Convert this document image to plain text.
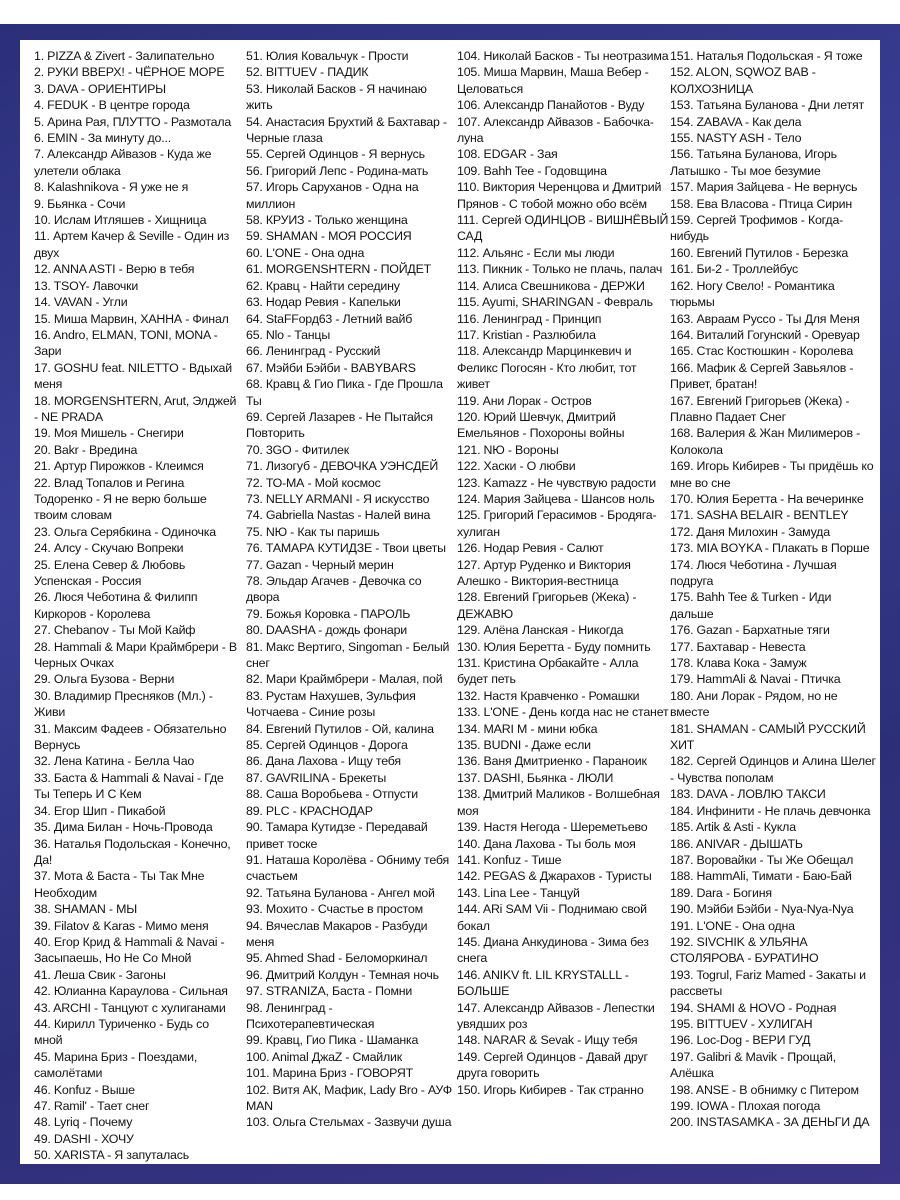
1. PIZZA & Zivert - Залипательно

2. РУКИ ВВЕРХ! - ЧЁРНОЕ МОРЕ

3. DAVA - ОРИЕНТИРЫ

4. FEDUK - В центре города

5. Арина Рая, ПЛУТТО - Размотала

6. EMIN - За минуту до...

7. Александр Айвазов - Куда же улетели облака

8. Kalashnikova - Я уже не я

9. Бьянка - Сочи

10. Ислам Итляшев - Хищница

11. Артем Качер & Seville - Один из двух

12. ANNA ASTI - Верю в тебя

13. TSOY- Лавочки

14. VAVAN - Угли

15. Миша Марвин, ХАННА - Финал

16. Andro, ELMAN, TONI, MONA - Зари

17. GOSHU feat. NILETTO - Вдыхай меня

18. MORGENSHTERN, Arut, Элджей - NE PRADA

19. Моя Мишель - Снегири

20. Bakr - Вредина

21. Артур Пирожков - Клеимся

22. Влад Топалов и Регина Тодоренко - Я не верю больше твоим словам

23. Ольга Серябкина - Одиночка

24. Алсу - Скучаю Вопреки

25. Елена Север & Любовь Успенская - Россия

26. Люся Чеботина & Филипп Киркоров - Королева

27. Chebanov - Ты Мой Кайф

28. Hammali & Мари Краймбрери - В Черных Очках

29. Ольга Бузова - Верни

30. Владимир Пресняков (Мл.) - Живи

31. Максим Фадеев - Обязательно Вернусь

32. Лена Катина - Белла Чао

33. Баста & Hammali & Navai - Где Ты Теперь И С Кем

34. Егор Шип - Пикабой

35. Дима Билан - Ночь-Провода

36. Наталья Подольская - Конечно, Да!

37. Мота & Баста - Ты Так Мне Необходим

38. SHAMAN - МЫ

39. Filatov & Karas - Мимо меня

40. Егор Крид & Hammali & Navai - Засыпаешь, Но Не Со Мной

41. Леша Свик - Загоны

42. Юлианна Караулова - Сильная

43. ARCHI - Танцуют с хулиганами

44. Кирилл Туриченко - Будь со мной

45. Марина Бриз - Поездами, самолётами

46. Konfuz - Выше

47. Ramil' - Тает снег

48. Lyriq - Почему

49. DASHI - ХОЧУ

50. XARISTA - Я запуталась

51. Юлия Ковальчук - Прости

52. BITTUEV - ПАДИК

53. Николай Басков - Я начинаю жить

54. Анастасия Брухтий & Бахтавар - Черные глаза

55. Сергей Одинцов - Я вернусь

56. Григорий Лепс - Родина-мать

57. Игорь Саруханов - Одна на миллион

58. КРУИЗ - Только женщина

59. SHAMAN - МОЯ РОССИЯ

60. L'ONE - Она одна

61. MORGENSHTERN - ПОЙДЕТ

62. Кравц - Найти середину

63. Нодар Ревия - Капельки

64. StaFFорд63 - Летний вайб

65. Nlo - Танцы

66. Ленинград - Русский

67. Мэйби Бэйби - BABYBARS

68. Кравц & Гио Пика - Где Прошла Ты

69. Сергей Лазарев - Не Пытайся Повторить

70. 3GO - Фитилек

71. Лизогуб - ДЕВОЧКА УЭНСДЕЙ

72. ТО-МА - Мой космос

73. NELLY ARMANI - Я искусство

74. Gabriella Nastas - Налей вина

75. NЮ - Как ты паришь

76. ТАМАРА КУТИДЗЕ - Твои цветы

77. Gazan - Черный мерин

78. Эльдар Агачев - Девочка со двора

79. Божья Коровка - ПАРОЛЬ

80. DAASHA - дождь фонари

81. Макс Вертиго, Singoman - Белый снег

82. Мари Краймбрери - Малая, пой

83. Рустам Нахушев, Зульфия Чотчаева - Синие розы

84. Евгений Путилов - Ой, калина

85. Сергей Одинцов - Дорога

86. Дана Лахова - Ищу тебя

87. GAVRILINA - Брекеты

88. Саша Воробьева - Отпусти

89. PLC - КРАСНОДАР

90. Тамара Кутидзе - Передавай привет тоске

91. Наташа Королёва - Обниму тебя счастьем

92. Татьяна Буланова - Ангел мой

93. Мохито - Счастье в простом

94. Вячеслав Макаров - Разбуди меня

95. Ahmed Shad - Беломоркинал

96. Дмитрий Колдун - Темная ночь

97. STRANIZA, Баста - Помни

98. Ленинград - Психотерапевтическая

99. Кравц, Гио Пика - Шаманка

100. Animal ДжаZ - Смайлик

101. Марина Бриз - ГОВОРЯТ

102. Витя АК, Мафик, Lady Bro - АУФ MAN

103. Ольга Стельмах - Зазвучи душа

104. Николай Басков - Ты неотразима

105. Миша Марвин, Маша Вебер - Целоваться

106. Александр Панайотов - Вуду

107. Александр Айвазов - Бабочка-луна

108. EDGAR - Зая

109. Bahh Tee - Годовщина

110. Виктория Черенцова и Дмитрий Прянов - С тобой можно обо всём

111. Сергей ОДИНЦОВ - ВИШНЁВЫЙ САД

112. Альянс - Если мы люди

113. Пикник - Только не плачь, палач

114. Алиса Свешникова - ДЕРЖИ

115. Ayumi, SHARINGAN - Февраль

116. Ленинград - Принцип

117. Kristian - Разлюбила

118. Александр Марцинкевич и Феликс Погосян - Кто любит, тот живет

119. Ани Лорак - Остров

120. Юрий Шевчук, Дмитрий Емельянов - Похороны войны

121. NЮ - Вороны

122. Хаски - О любви

123. Kamazz - Не чувствую радости

124. Мария Зайцева - Шансов ноль

125. Григорий Герасимов - Бродяга-хулиган

126. Нодар Ревия - Салют

127. Артур Руденко и Виктория Алешко - Виктория-вестница

128. Евгений Григорьев (Жека) - ДЕЖАВЮ

129. Алёна Ланская - Никогда

130. Юлия Беретта - Буду помнить

131. Кристина Орбакайте - Алла будет петь

132. Настя Кравченко - Ромашки

133. L'ONE - День когда нас не станет

134. MARI M - мини юбка

135. BUDNI - Даже если

136. Ваня Дмитриенко - Параноик

137. DASHI, Бьянка - ЛЮЛИ

138. Дмитрий Маликов - Волшебная моя

139. Настя Негода - Шереметьево

140. Дана Лахова - Ты боль моя

141. Konfuz - Тише

142. PEGAS & Джарахов - Туристы

143. Lina Lee - Танцуй

144. ARi SAM Vii - Поднимаю свой бокал

145. Диана Анкудинова - Зима без снега

146. ANIKV ft. LIL KRYSTALLL - БОЛЬШЕ

147. Александр Айвазов - Лепестки увядших роз

148. NARAR & Sevak - Ищу тебя

149. Сергей Одинцов - Давай друг друга говорить

150. Игорь Кибирев - Так странно

151. Наталья Подольская - Я тоже

152. ALON, SQWOZ BAB - КОЛХОЗНИЦА

153. Татьяна Буланова - Дни летят

154. ZABAVA - Как дела

155. NASTY ASH - Тело

156. Татьяна Буланова, Игорь Латышко - Ты мое безумие

157. Мария Зайцева - Не вернусь

158. Ева Власова - Птица Сирин

159. Сергей Трофимов - Когда-нибудь

160. Евгений Путилов - Березка

161. Би-2 - Троллейбус

162. Ногу Свело! - Романтика тюрьмы

163. Авраам Руссо - Ты Для Меня

164. Виталий Гогунский - Оревуар

165. Стас Костюшкин - Королева

166. Мафик & Сергей Завьялов - Привет, братан!

167. Евгений Григорьев (Жека) - Плавно Падает Снег

168. Валерия & Жан Милимеров - Колокола

169. Игорь Кибирев - Ты придёшь ко мне во сне

170. Юлия Беретта - На вечеринке

171. SASHA BELAIR - BENTLEY

172. Даня Милохин - Замуда

173. MIA BOYKA - Плакать в Порше

174. Люся Чеботина - Лучшая подруга

175. Bahh Tee & Turken - Иди дальше

176. Gazan - Бархатные тяги

177. Бахтавар - Невеста

178. Клава Кока - Замуж

179. HammAli & Navai - Птичка

180. Ани Лорак - Рядом, но не вместе

181. SHAMAN - САМЫЙ РУССКИЙ ХИТ

182. Сергей Одинцов и Алина Шелег - Чувства пополам

183. DAVA - ЛОВЛЮ ТАКСИ

184. Инфинити - Не плачь девчонка

185. Artik & Asti - Кукла

186. ANIVAR - ДЫШАТЬ

187. Воровайки - Ты Же Обещал

188. HammAli, Тимати - Баю-Бай

189. Dara - Богиня

190. Мэйби Бэйби - Nya-Nya-Nya

191. L'ONE - Она одна

192. SIVCHIK & УЛЬЯНА СТОЛЯРОВА - БУРАТИНО

193. Togrul, Fariz Mamed - Закаты и рассветы

194. SHAMI & HOVO - Родная

195. BITTUEV - ХУЛИГАН

196. Loc-Dog - ВЕРИ ГУД

197. Galibri & Mavik - Прощай, Алёшка

198. ANSE - В обнимку с Питером

199. IOWA - Плохая погода

200. INSTASAMKA - ЗА ДЕНЬГИ ДА
